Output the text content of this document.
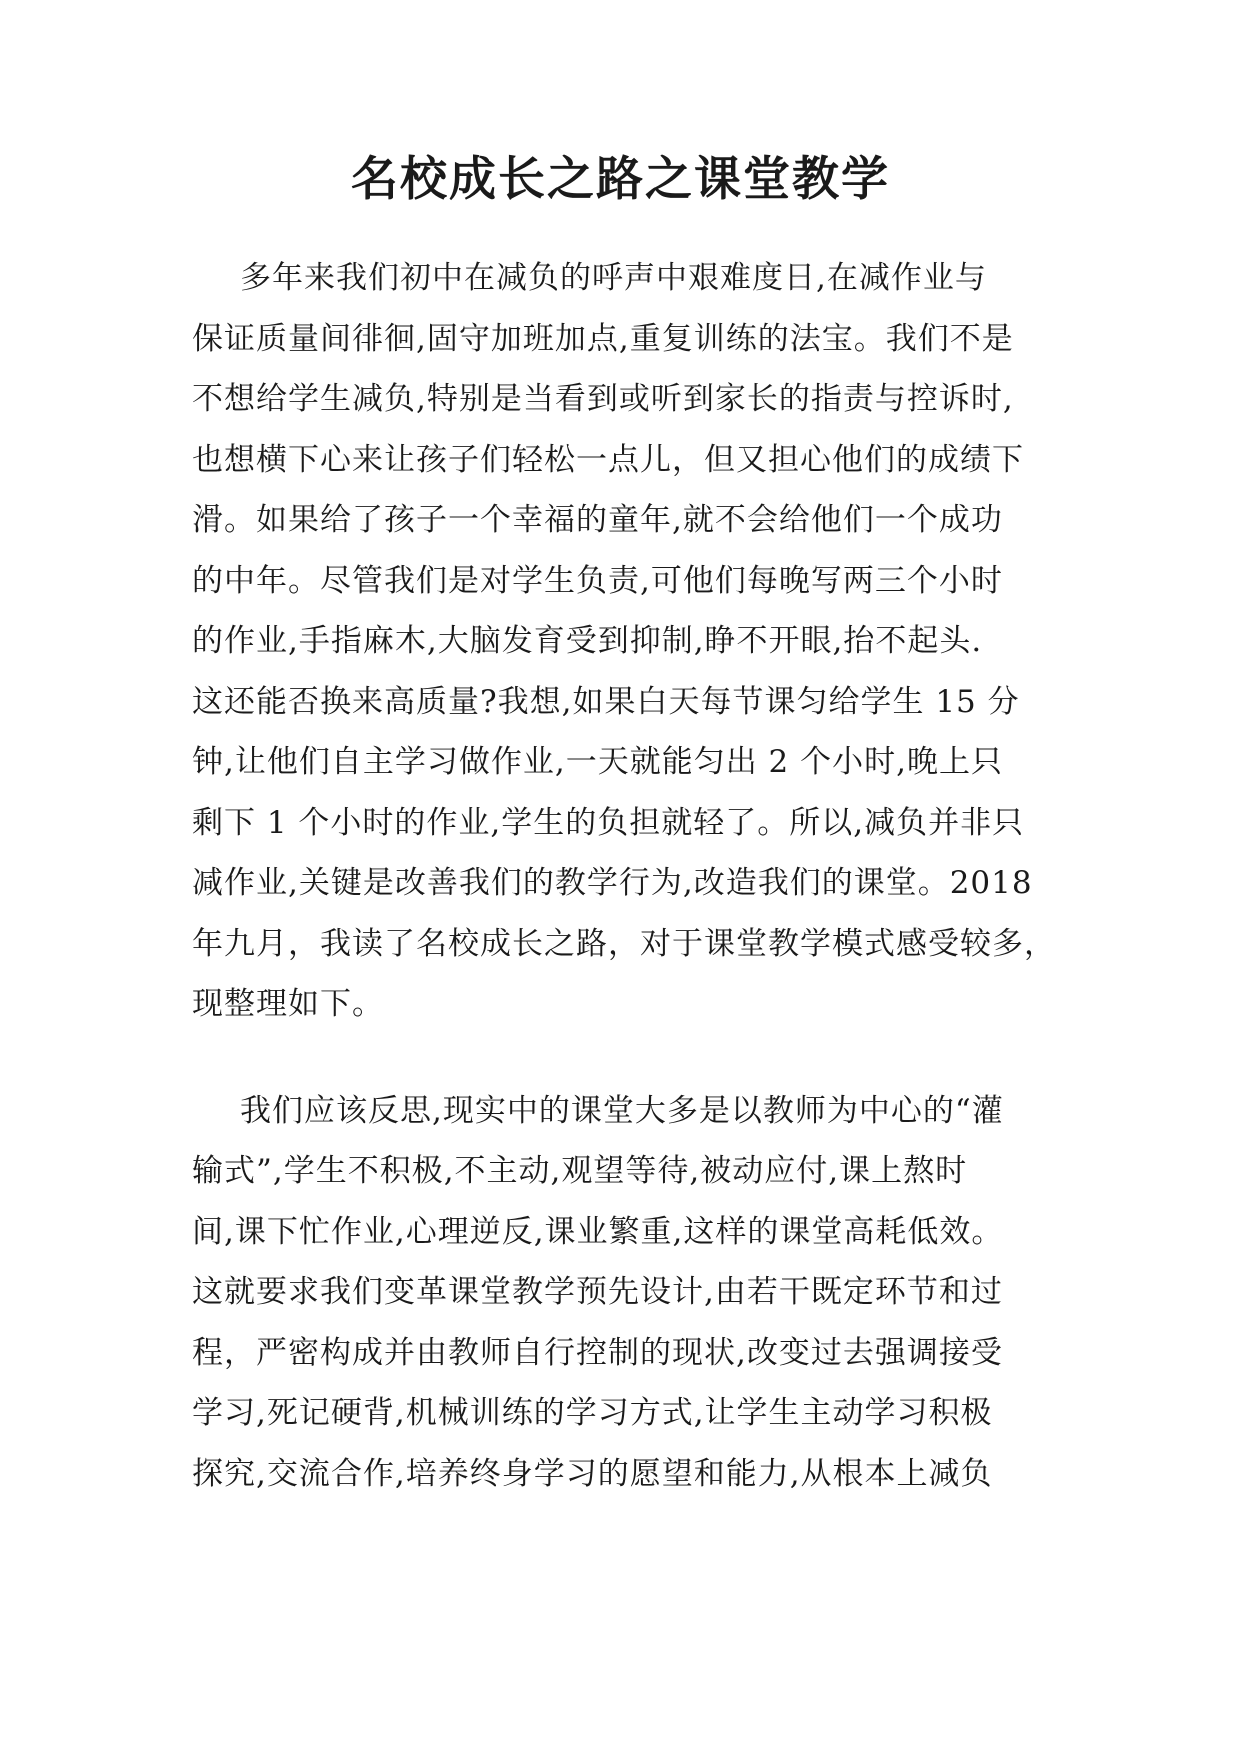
名校成长之路之课堂教学
多年来我们初中在减负的呼声中艰难度日,在减作业与
保证质量间徘徊,固守加班加点,重复训练的法宝。我们不是
不想给学生减负,特别是当看到或听到家长的指责与控诉时,
也想横下心来让孩子们轻松一点儿，但又担心他们的成绩下
滑。如果给了孩子一个幸福的童年,就不会给他们一个成功
的中年。尽管我们是对学生负责,可他们每晚写两三个小时
的作业,手指麻木,大脑发育受到抑制,睁不开眼,抬不起头.
这还能否换来高质量?我想,如果白天每节课匀给学生 15 分
钟,让他们自主学习做作业,一天就能匀出 2 个小时,晚上只
剩下 1 个小时的作业,学生的负担就轻了。所以,减负并非只
减作业,关键是改善我们的教学行为,改造我们的课堂。2018
年九月，我读了名校成长之路，对于课堂教学模式感受较多，
现整理如下。
我们应该反思,现实中的课堂大多是以教师为中心的“灌
输式”,学生不积极,不主动,观望等待,被动应付,课上熬时
间,课下忙作业,心理逆反,课业繁重,这样的课堂高耗低效。
这就要求我们变革课堂教学预先设计,由若干既定环节和过
程，严密构成并由教师自行控制的现状,改变过去强调接受
学习,死记硬背,机械训练的学习方式,让学生主动学习积极
探究,交流合作,培养终身学习的愿望和能力,从根本上减负
